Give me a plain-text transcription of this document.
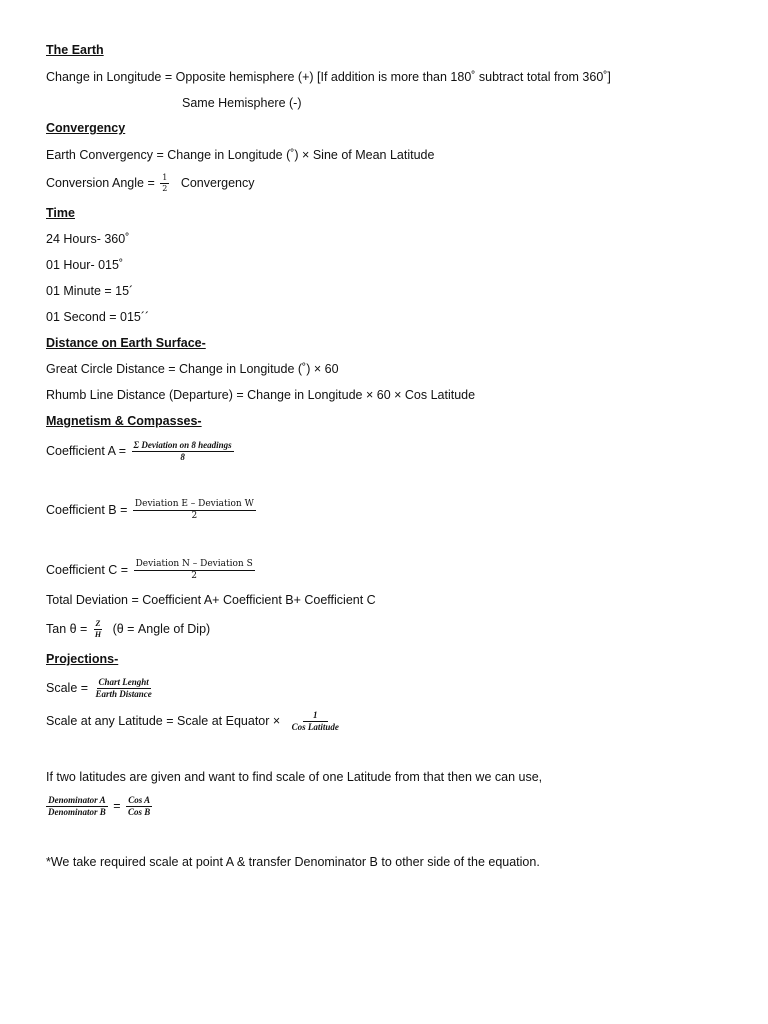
The Earth
Change in Longitude = Opposite hemisphere (+) [If addition is more than 180˚ subtract total from 360˚]
Same Hemisphere (-)
Convergency
Earth Convergency = Change in Longitude (˚) × Sine of Mean Latitude
Conversion Angle = $\frac{1}{2}$ Convergency
Time
24 Hours- 360˚
01 Hour- 015˚
01 Minute = 15´
01 Second = 015´´
Distance on Earth Surface-
Great Circle Distance = Change in Longitude (˚) × 60
Rhumb Line Distance (Departure) = Change in Longitude × 60 × Cos Latitude
Magnetism & Compasses-
Coefficient $A = \frac{\text{Σ Deviation on 8 headings}}{8}$
Coefficient $B = \frac{\text{Deviation E – Deviation W}}{2}$
Coefficient $C = \frac{\text{Deviation N – Deviation S}}{2}$
Total Deviation = Coefficient A+ Coefficient B+ Coefficient C
Tan $\theta = \frac{Z}{H} (\theta$ = Angle of Dip)
Projections-
Scale = $\frac{\text{Chart Lenght}}{\text{Earth Distance}}$
Scale at any Latitude = Scale at Equator × $\frac{1}{\text{Cos Latitude}}$
If two latitudes are given and want to find scale of one Latitude from that then we can use,
$\frac{\text{Denominator A}}{\text{Denominator B}} = \frac{\text{Cos A}}{\text{Cos B}}$
*We take required scale at point A & transfer Denominator B to other side of the equation.
